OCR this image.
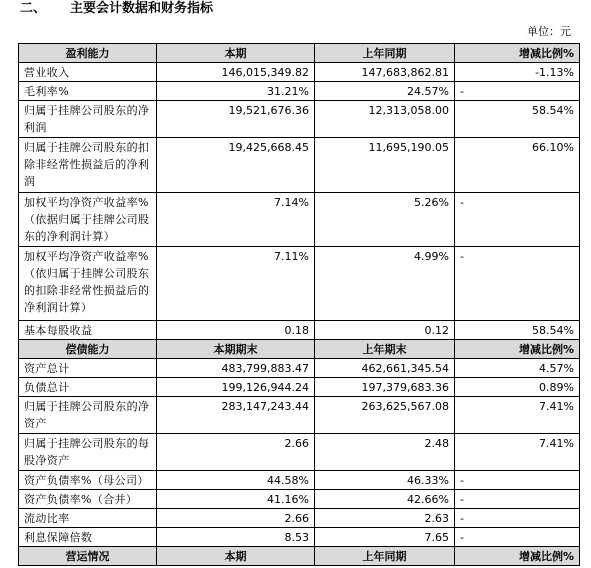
二、 主要会计数据和财务指标
单位：元
盈利能力	本期	上年同期	增减比例%
营业收入	146,015,349.82	147,683,862.81	-1.13%
毛利率%	31.21%	24.57%	-
归属于挂牌公司股东的净利润	19,521,676.36	12,313,058.00	58.54%
归属于挂牌公司股东的扣除非经常性损益后的净利润	19,425,668.45	11,695,190.05	66.10%
加权平均净资产收益率%（依据归属于挂牌公司股东的净利润计算）	7.14%	5.26%	-
加权平均净资产收益率%（依归属于挂牌公司股东的扣除非经常性损益后的净利润计算）	7.11%	4.99%	-
基本每股收益	0.18	0.12	58.54%
偿债能力	本期期末	上年期末	增减比例%
资产总计	483,799,883.47	462,661,345.54	4.57%
负债总计	199,126,944.24	197,379,683.36	0.89%
归属于挂牌公司股东的净资产	283,147,243.44	263,625,567.08	7.41%
归属于挂牌公司股东的每股净资产	2.66	2.48	7.41%
资产负债率%（母公司）	44.58%	46.33%	-
资产负债率%（合并）	41.16%	42.66%	-
流动比率	2.66	2.63	-
利息保障倍数	8.53	7.65	-
营运情况	本期	上年同期	增减比例%
